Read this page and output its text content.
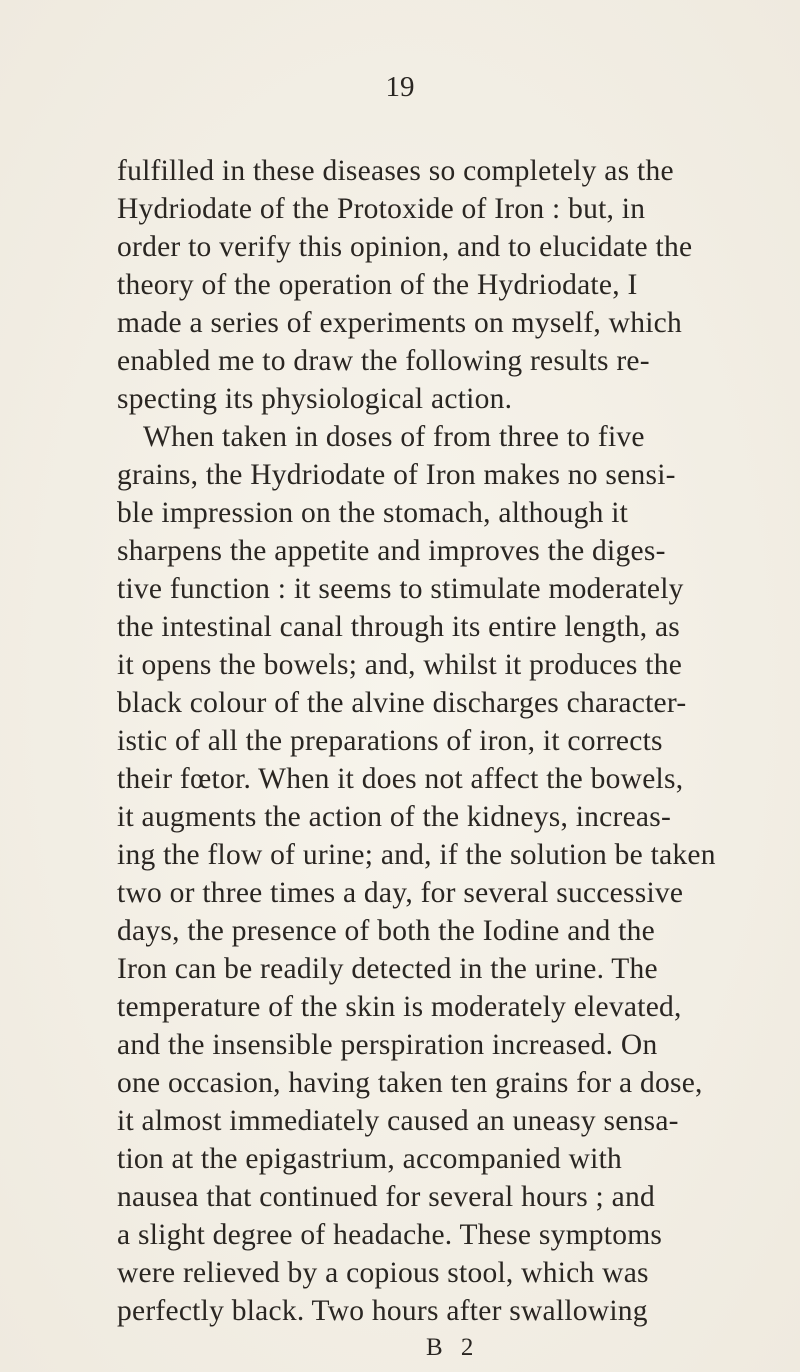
19
fulfilled in these diseases so completely as the
Hydriodate of the Protoxide of Iron : but, in
order to verify this opinion, and to elucidate the
theory of the operation of the Hydriodate, I
made a series of experiments on myself, which
enabled me to draw the following results re-
specting its physiological action.
When taken in doses of from three to five
grains, the Hydriodate of Iron makes no sensi-
ble impression on the stomach, although it
sharpens the appetite and improves the diges-
tive function : it seems to stimulate moderately
the intestinal canal through its entire length, as
it opens the bowels; and, whilst it produces the
black colour of the alvine discharges character-
istic of all the preparations of iron, it corrects
their fœtor. When it does not affect the bowels,
it augments the action of the kidneys, increas-
ing the flow of urine; and, if the solution be taken
two or three times a day, for several successive
days, the presence of both the Iodine and the
Iron can be readily detected in the urine. The
temperature of the skin is moderately elevated,
and the insensible perspiration increased. On
one occasion, having taken ten grains for a dose,
it almost immediately caused an uneasy sensa-
tion at the epigastrium, accompanied with
nausea that continued for several hours ; and
a slight degree of headache. These symptoms
were relieved by a copious stool, which was
perfectly black. Two hours after swallowing
B 2
